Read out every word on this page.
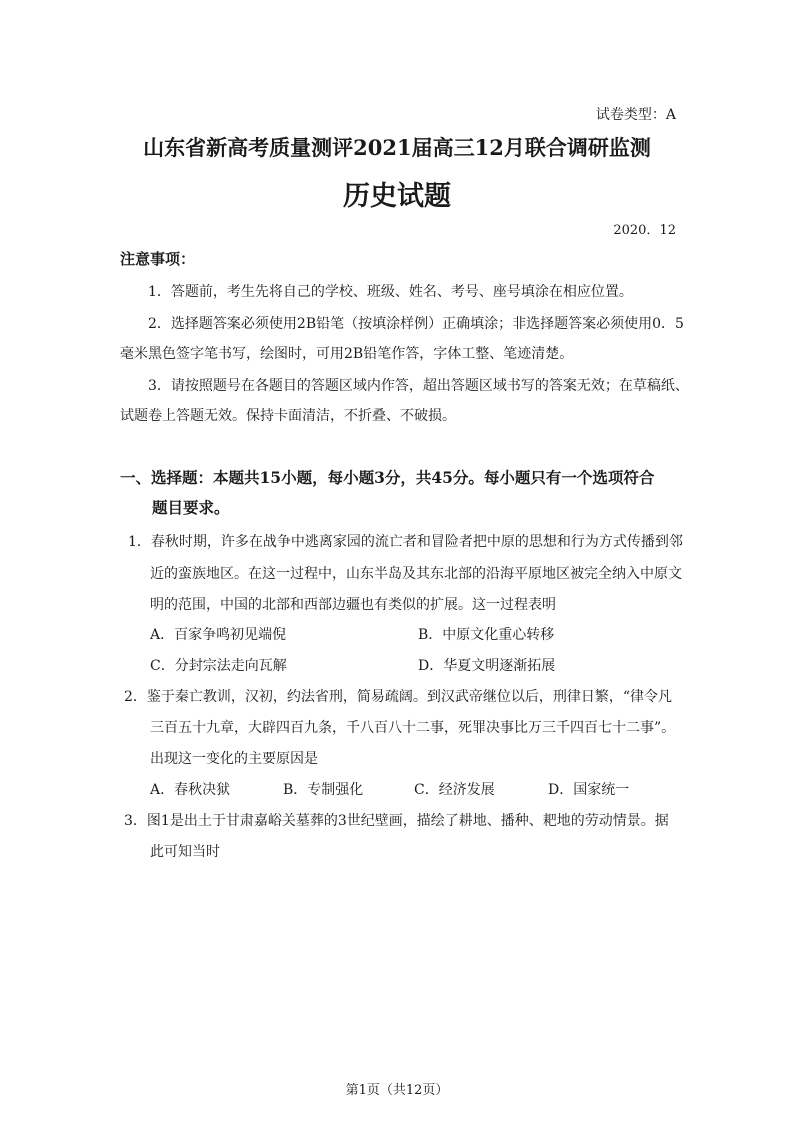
试卷类型：A
山东省新高考质量测评2021届高三12月联合调研监测
历史试题
2020．12
注意事项：
1．答题前，考生先将自己的学校、班级、姓名、考号、座号填涂在相应位置。
2．选择题答案必须使用2B铅笔（按填涂样例）正确填涂；非选择题答案必须使用0．5
毫米黑色签字笔书写，绘图时，可用2B铅笔作答，字体工整、笔迹清楚。
3．请按照题号在各题目的答题区域内作答，超出答题区域书写的答案无效；在草稿纸、
试题卷上答题无效。保持卡面清洁，不折叠、不破损。
一、选择题：本题共15小题，每小题3分，共45分。每小题只有一个选项符合
题目要求。
1．春秋时期，许多在战争中逃离家园的流亡者和冒险者把中原的思想和行为方式传播到邻
近的蛮族地区。在这一过程中，山东半岛及其东北部的沿海平原地区被完全纳入中原文
明的范围，中国的北部和西部边疆也有类似的扩展。这一过程表明
A．百家争鸣初见端倪	B．中原文化重心转移
C．分封宗法走向瓦解	D．华夏文明逐渐拓展
2．鉴于秦亡教训，汉初，约法省刑，简易疏阔。到汉武帝继位以后，刑律日繁，“律令凡
三百五十九章，大辟四百九条，千八百八十二事，死罪决事比万三千四百七十二事”。
出现这一变化的主要原因是
A．春秋决狱	B．专制强化	C．经济发展	D．国家统一
3．图1是出土于甘肃嘉峪关墓葬的3世纪壁画，描绘了耕地、播种、耙地的劳动情景。据
此可知当时
第1页（共12页）
